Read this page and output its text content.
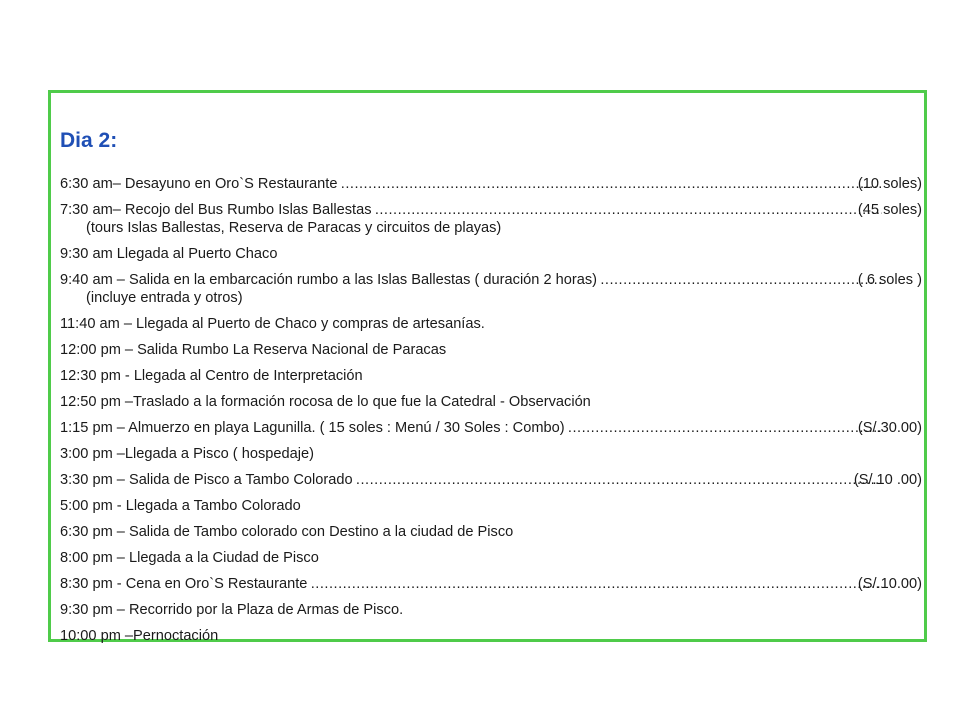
Dia 2:
6:30 am– Desayuno en Oro`S Restaurante .....	(10 soles)
7:30 am– Recojo del Bus Rumbo Islas Ballestas .....	(45 soles)
(tours Islas Ballestas, Reserva de Paracas y circuitos de playas)
9:30 am Llegada al Puerto Chaco
9:40 am – Salida en la embarcación rumbo a las Islas Ballestas ( duración 2 horas) .....	( 6 soles )
(incluye entrada y otros)
11:40 am – Llegada al Puerto de Chaco y compras de artesanías.
12:00 pm – Salida Rumbo La Reserva Nacional de Paracas
12:30 pm - Llegada al Centro de Interpretación
12:50 pm –Traslado a la formación rocosa de lo que fue la Catedral - Observación
1:15 pm – Almuerzo en playa Lagunilla. ( 15 soles : Menú / 30 Soles : Combo) .....	(S/.30.00)
3:00 pm –Llegada a Pisco ( hospedaje)
3:30 pm – Salida de Pisco a Tambo Colorado .....	(S/.10 .00)
5:00 pm - Llegada a Tambo Colorado
6:30 pm – Salida de Tambo colorado con Destino a la ciudad de Pisco
8:00 pm – Llegada a la Ciudad de Pisco
8:30 pm - Cena en Oro`S Restaurante .....	(S/.10.00)
9:30 pm – Recorrido por la Plaza de Armas de Pisco.
10:00 pm –Pernoctación
